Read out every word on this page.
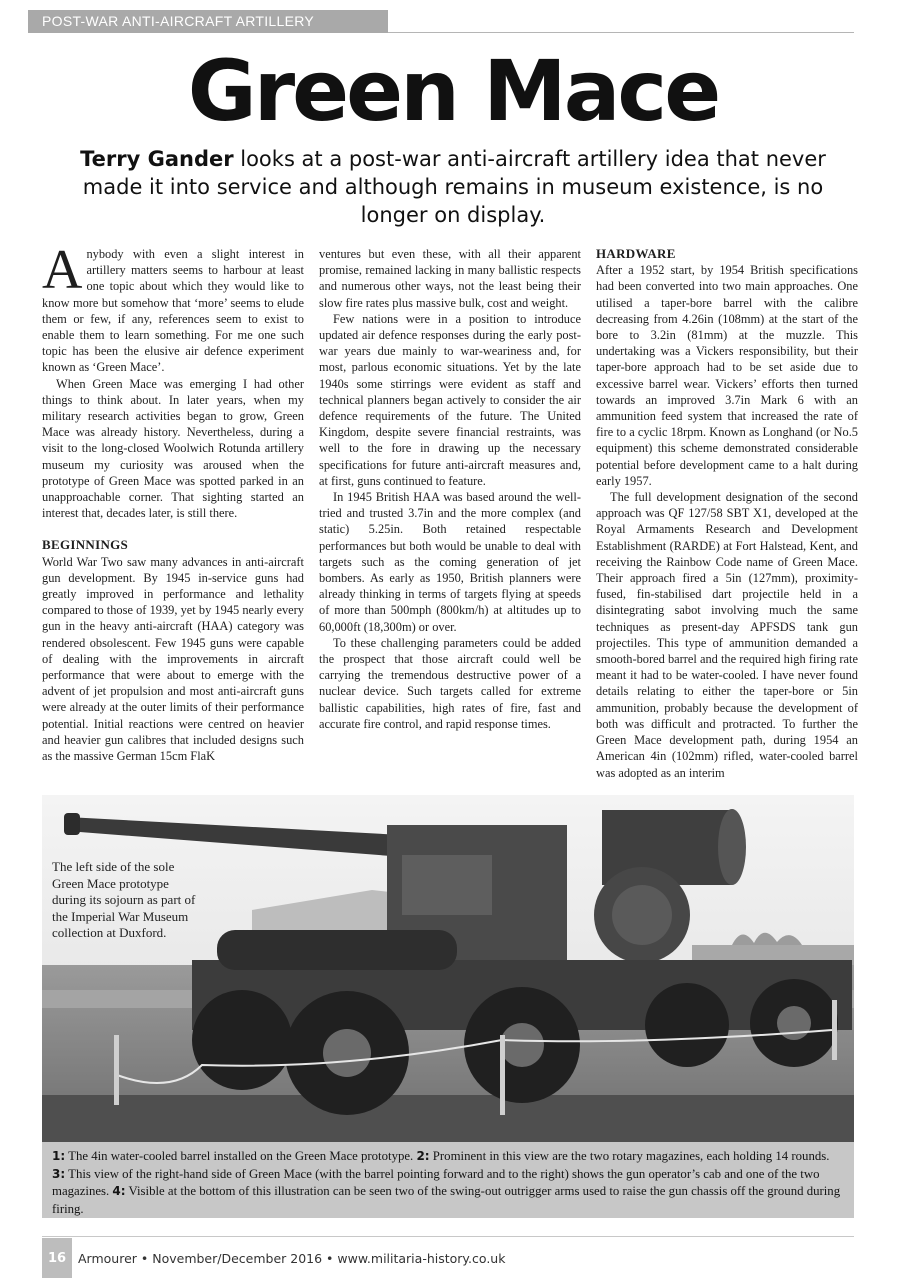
POST-WAR ANTI-AIRCRAFT ARTILLERY
Green Mace
Terry Gander looks at a post-war anti-aircraft artillery idea that never made it into service and although remains in museum existence, is no longer on display.

Anybody with even a slight interest in artillery matters seems to harbour at least one topic about which they would like to know more but somehow that ‘more’ seems to elude them or few, if any, references seem to exist to enable them to learn something. For me one such topic has been the elusive air defence experiment known as ‘Green Mace’.

When Green Mace was emerging I had other things to think about. In later years, when my military research activities began to grow, Green Mace was already history. Nevertheless, during a visit to the long-closed Woolwich Rotunda artillery museum my curiosity was aroused when the prototype of Green Mace was spotted parked in an unapproachable corner. That sighting started an interest that, decades later, is still there.

BEGINNINGS

World War Two saw many advances in anti-aircraft gun development. By 1945 in-service guns had greatly improved in performance and lethality compared to those of 1939, yet by 1945 nearly every gun in the heavy anti-aircraft (HAA) category was rendered obsolescent. Few 1945 guns were capable of dealing with the improvements in aircraft performance that were about to emerge with the advent of jet propulsion and most anti-aircraft guns were already at the outer limits of their performance potential. Initial reactions were centred on heavier and heavier gun calibres that included designs such as the massive German 15cm FlaK

ventures but even these, with all their apparent promise, remained lacking in many ballistic respects and numerous other ways, not the least being their slow fire rates plus massive bulk, cost and weight.

Few nations were in a position to introduce updated air defence responses during the early post-war years due mainly to war-weariness and, for most, parlous economic situations. Yet by the late 1940s some stirrings were evident as staff and technical planners began actively to consider the air defence requirements of the future. The United Kingdom, despite severe financial restraints, was well to the fore in drawing up the necessary specifications for future anti-aircraft measures and, at first, guns continued to feature.

In 1945 British HAA was based around the well-tried and trusted 3.7in and the more complex (and static) 5.25in. Both retained respectable performances but both would be unable to deal with targets such as the coming generation of jet bombers. As early as 1950, British planners were already thinking in terms of targets flying at speeds of more than 500mph (800km/h) at altitudes up to 60,000ft (18,300m) or over.

To these challenging parameters could be added the prospect that those aircraft could well be carrying the tremendous destructive power of a nuclear device. Such targets called for extreme ballistic capabilities, high rates of fire, fast and accurate fire control, and rapid response times.

HARDWARE

After a 1952 start, by 1954 British specifications had been converted into two main approaches. One utilised a taper-bore barrel with the calibre decreasing from 4.26in (108mm) at the start of the bore to 3.2in (81mm) at the muzzle. This undertaking was a Vickers responsibility, but their taper-bore approach had to be set aside due to excessive barrel wear. Vickers’ efforts then turned towards an improved 3.7in Mark 6 with an ammunition feed system that increased the rate of fire to a cyclic 18rpm. Known as Longhand (or No.5 equipment) this scheme demonstrated considerable potential before development came to a halt during early 1957.

The full development designation of the second approach was QF 127/58 SBT X1, developed at the Royal Armaments Research and Development Establishment (RARDE) at Fort Halstead, Kent, and receiving the Rainbow Code name of Green Mace. Their approach fired a 5in (127mm), proximity-fused, fin-stabilised dart projectile held in a disintegrating sabot involving much the same techniques as present-day APFSDS tank gun projectiles. This type of ammunition demanded a smooth-bored barrel and the required high firing rate meant it had to be water-cooled. I have never found details relating to either the taper-bore or 5in ammunition, probably because the development of both was difficult and protracted. To further the Green Mace development path, during 1954 an American 4in (102mm) rifled, water-cooled barrel was adopted as an interim

The left side of the sole Green Mace prototype during its sojourn as part of the Imperial War Museum collection at Duxford.
1: The 4in water-cooled barrel installed on the Green Mace prototype. 2: Prominent in this view are the two rotary magazines, each holding 14 rounds. 3: This view of the right-hand side of Green Mace (with the barrel pointing forward and to the right) shows the gun operator’s cab and one of the two magazines. 4: Visible at the bottom of this illustration can be seen two of the swing-out outrigger arms used to raise the gun chassis off the ground during firing.
16 Armourer • November/December 2016 • www.militaria-history.co.uk
